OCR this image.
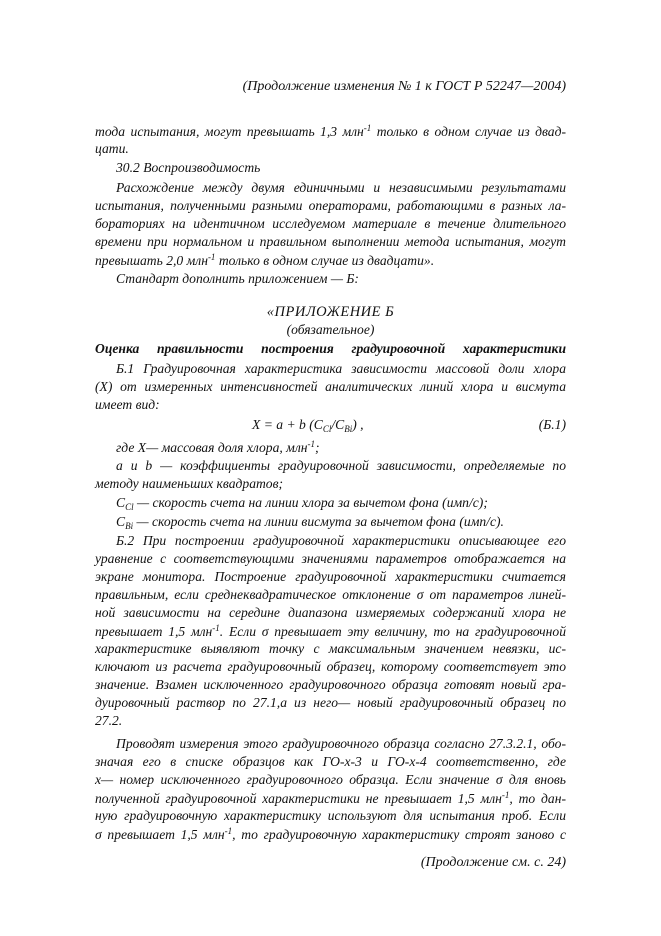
(Продолжение изменения № 1 к ГОСТ Р 52247—2004)
тода испытания, могут превышать 1,3 млн$^{-1}$ только в одном случае из двад-
цати.
30.2 Воспроизводимость
Расхождение между двумя единичными и независимыми результатами
испытания, полученными разными операторами, работающими в разных ла-
бораториях на идентичном исследуемом материале в течение длительного
времени при нормальном и правильном выполнении метода испытания, могут
превышать 2,0 млн$^{-1}$ только в одном случае из двадцати».
Стандарт дополнить приложением — Б:
«ПРИЛОЖЕНИЕ Б
(обязательное)
Оценка правильности построения градуировочной характеристики
Б.1 Градуировочная характеристика зависимости массовой доли хлора
(X) от измеренных интенсивностей аналитических линий хлора и висмута
имеет вид:
X = a + b $(C_{Cl}/C_{Bi})$ ,	(Б.1)
где X— массовая доля хлора, млн$^{-1}$;
а и b — коэффициенты градуировочной зависимости, определяемые по
методу наименьших квадратов;
$C_{Cl}$ — скорость счета на линии хлора за вычетом фона (имп/с);
$C_{Bi}$ — скорость счета на линии висмута за вычетом фона (имп/с).
Б.2 При построении градуировочной характеристики описывающее его
уравнение с соответствующими значениями параметров отображается на
экране монитора. Построение градуировочной характеристики считается
правильным, если среднеквадратическое отклонение σ от параметров линей-
ной зависимости на середине диапазона измеряемых содержаний хлора не
превышает 1,5 млн$^{-1}$. Если σ превышает эту величину, то на градуировочной
характеристике выявляют точку с максимальным значением невязки, ис-
ключают из расчета градуировочный образец, которому соответствует это
значение. Взамен исключенного градуировочного образца готовят новый гра-
дуировочный раствор по 27.1,а из него— новый градуировочный образец по
27.2.
Проводят измерения этого градуировочного образца согласно 27.3.2.1, обо-
значая его в списке образцов как ГО-х-3 и ГО-х-4 соответственно, где
х— номер исключенного градуировочного образца. Если значение σ для вновь
полученной градуировочной характеристики не превышает 1,5 млн$^{-1}$, то дан-
ную градуировочную характеристику используют для испытания проб. Если
σ превышает 1,5 млн$^{-1}$, то градуировочную характеристику строят заново с
(Продолжение см. с. 24)
